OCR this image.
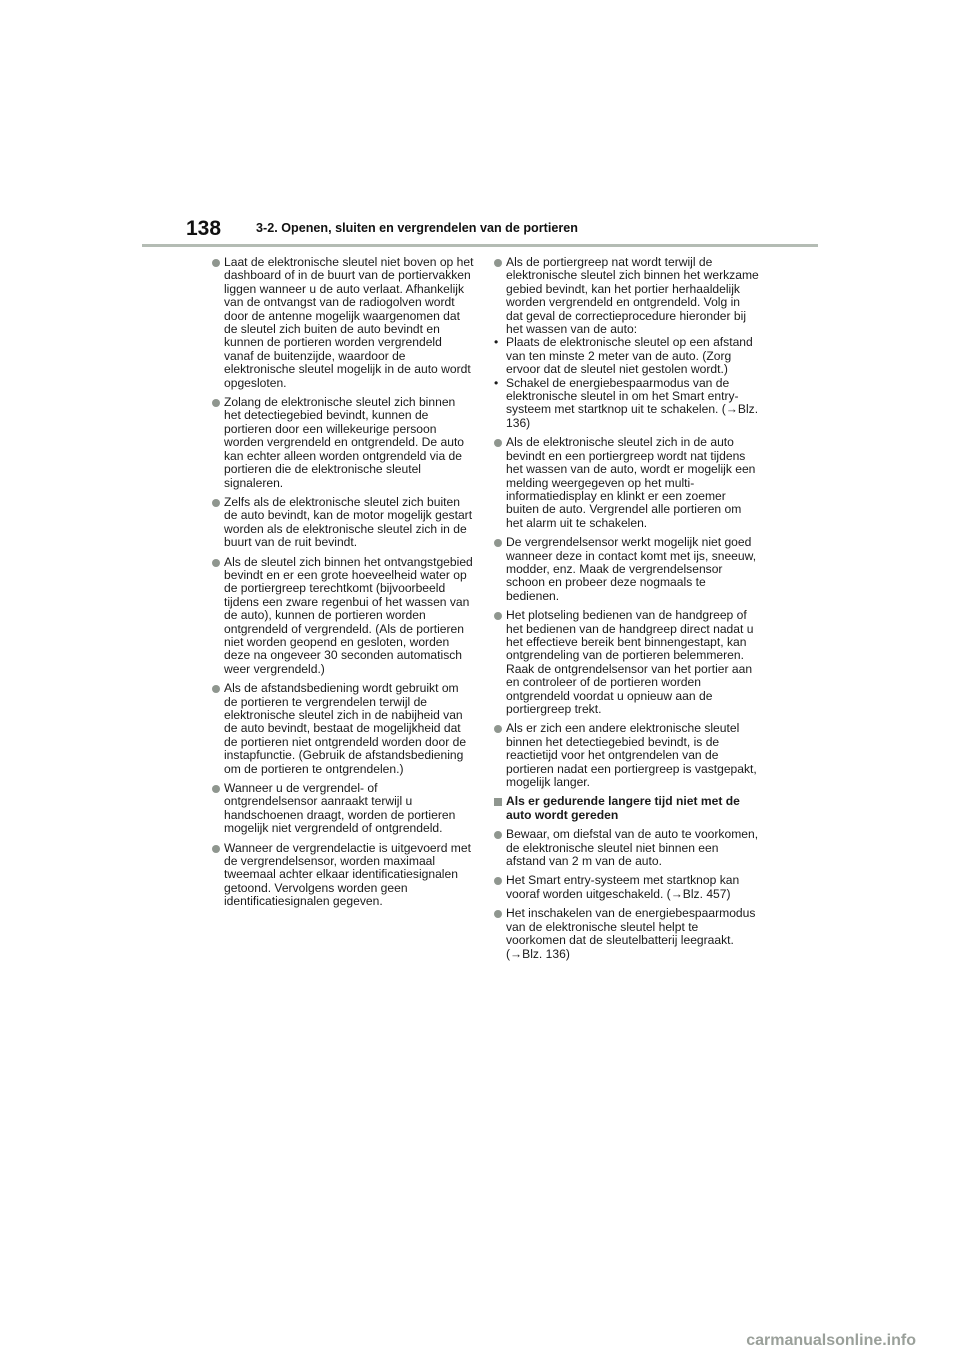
138	3-2. Openen, sluiten en vergrendelen van de portieren

Laat de elektronische sleutel niet boven op het dashboard of in de buurt van de portiervakken liggen wanneer u de auto verlaat. Afhankelijk van de ontvangst van de radiogolven wordt door de antenne mogelijk waargenomen dat de sleutel zich buiten de auto bevindt en kunnen de portieren worden vergrendeld vanaf de buitenzijde, waardoor de elektronische sleutel mogelijk in de auto wordt opgesloten.

Zolang de elektronische sleutel zich binnen het detectiegebied bevindt, kunnen de portieren door een willekeurige persoon worden vergrendeld en ontgrendeld. De auto kan echter alleen worden ontgrendeld via de portieren die de elektronische sleutel signaleren.

Zelfs als de elektronische sleutel zich buiten de auto bevindt, kan de motor mogelijk gestart worden als de elektronische sleutel zich in de buurt van de ruit bevindt.

Als de sleutel zich binnen het ontvangstgebied bevindt en er een grote hoeveelheid water op de portiergreep terechtkomt (bijvoorbeeld tijdens een zware regenbui of het wassen van de auto), kunnen de portieren worden ontgrendeld of vergrendeld. (Als de portieren niet worden geopend en gesloten, worden deze na ongeveer 30 seconden automatisch weer vergrendeld.)

Als de afstandsbediening wordt gebruikt om de portieren te vergrendelen terwijl de elektronische sleutel zich in de nabijheid van de auto bevindt, bestaat de mogelijkheid dat de portieren niet ontgrendeld worden door de instapfunctie. (Gebruik de afstandsbediening om de portieren te ontgrendelen.)

Wanneer u de vergrendel- of ontgrendelsensor aanraakt terwijl u handschoenen draagt, worden de portieren mogelijk niet vergrendeld of ontgrendeld.

Wanneer de vergrendelactie is uitgevoerd met de vergrendelsensor, worden maximaal tweemaal achter elkaar identificatiesignalen getoond. Vervolgens worden geen identificatiesignalen gegeven.

Als de portiergreep nat wordt terwijl de elektronische sleutel zich binnen het werkzame gebied bevindt, kan het portier herhaaldelijk worden vergrendeld en ontgrendeld. Volg in dat geval de correctieprocedure hieronder bij het wassen van de auto:

• Plaats de elektronische sleutel op een afstand van ten minste 2 meter van de auto. (Zorg ervoor dat de sleutel niet gestolen wordt.)

• Schakel de energiebespaarmodus van de elektronische sleutel in om het Smart entry-systeem met startknop uit te schakelen. (→Blz. 136)

Als de elektronische sleutel zich in de auto bevindt en een portiergreep wordt nat tijdens het wassen van de auto, wordt er mogelijk een melding weergegeven op het multi-informatiedisplay en klinkt er een zoemer buiten de auto. Vergrendel alle portieren om het alarm uit te schakelen.

De vergrendelsensor werkt mogelijk niet goed wanneer deze in contact komt met ijs, sneeuw, modder, enz. Maak de vergrendelsensor schoon en probeer deze nogmaals te bedienen.

Het plotseling bedienen van de handgreep of het bedienen van de handgreep direct nadat u het effectieve bereik bent binnengestapt, kan ontgrendeling van de portieren belemmeren. Raak de ontgrendelsensor van het portier aan en controleer of de portieren worden ontgrendeld voordat u opnieuw aan de portiergreep trekt.

Als er zich een andere elektronische sleutel binnen het detectiegebied bevindt, is de reactietijd voor het ontgrendelen van de portieren nadat een portiergreep is vastgepakt, mogelijk langer.

Als er gedurende langere tijd niet met de auto wordt gereden

Bewaar, om diefstal van de auto te voorkomen, de elektronische sleutel niet binnen een afstand van 2 m van de auto.

Het Smart entry-systeem met startknop kan vooraf worden uitgeschakeld. (→Blz. 457)

Het inschakelen van de energiebespaarmodus van de elektronische sleutel helpt te voorkomen dat de sleutelbatterij leegraakt. (→Blz. 136)

carmanualsonline.info
